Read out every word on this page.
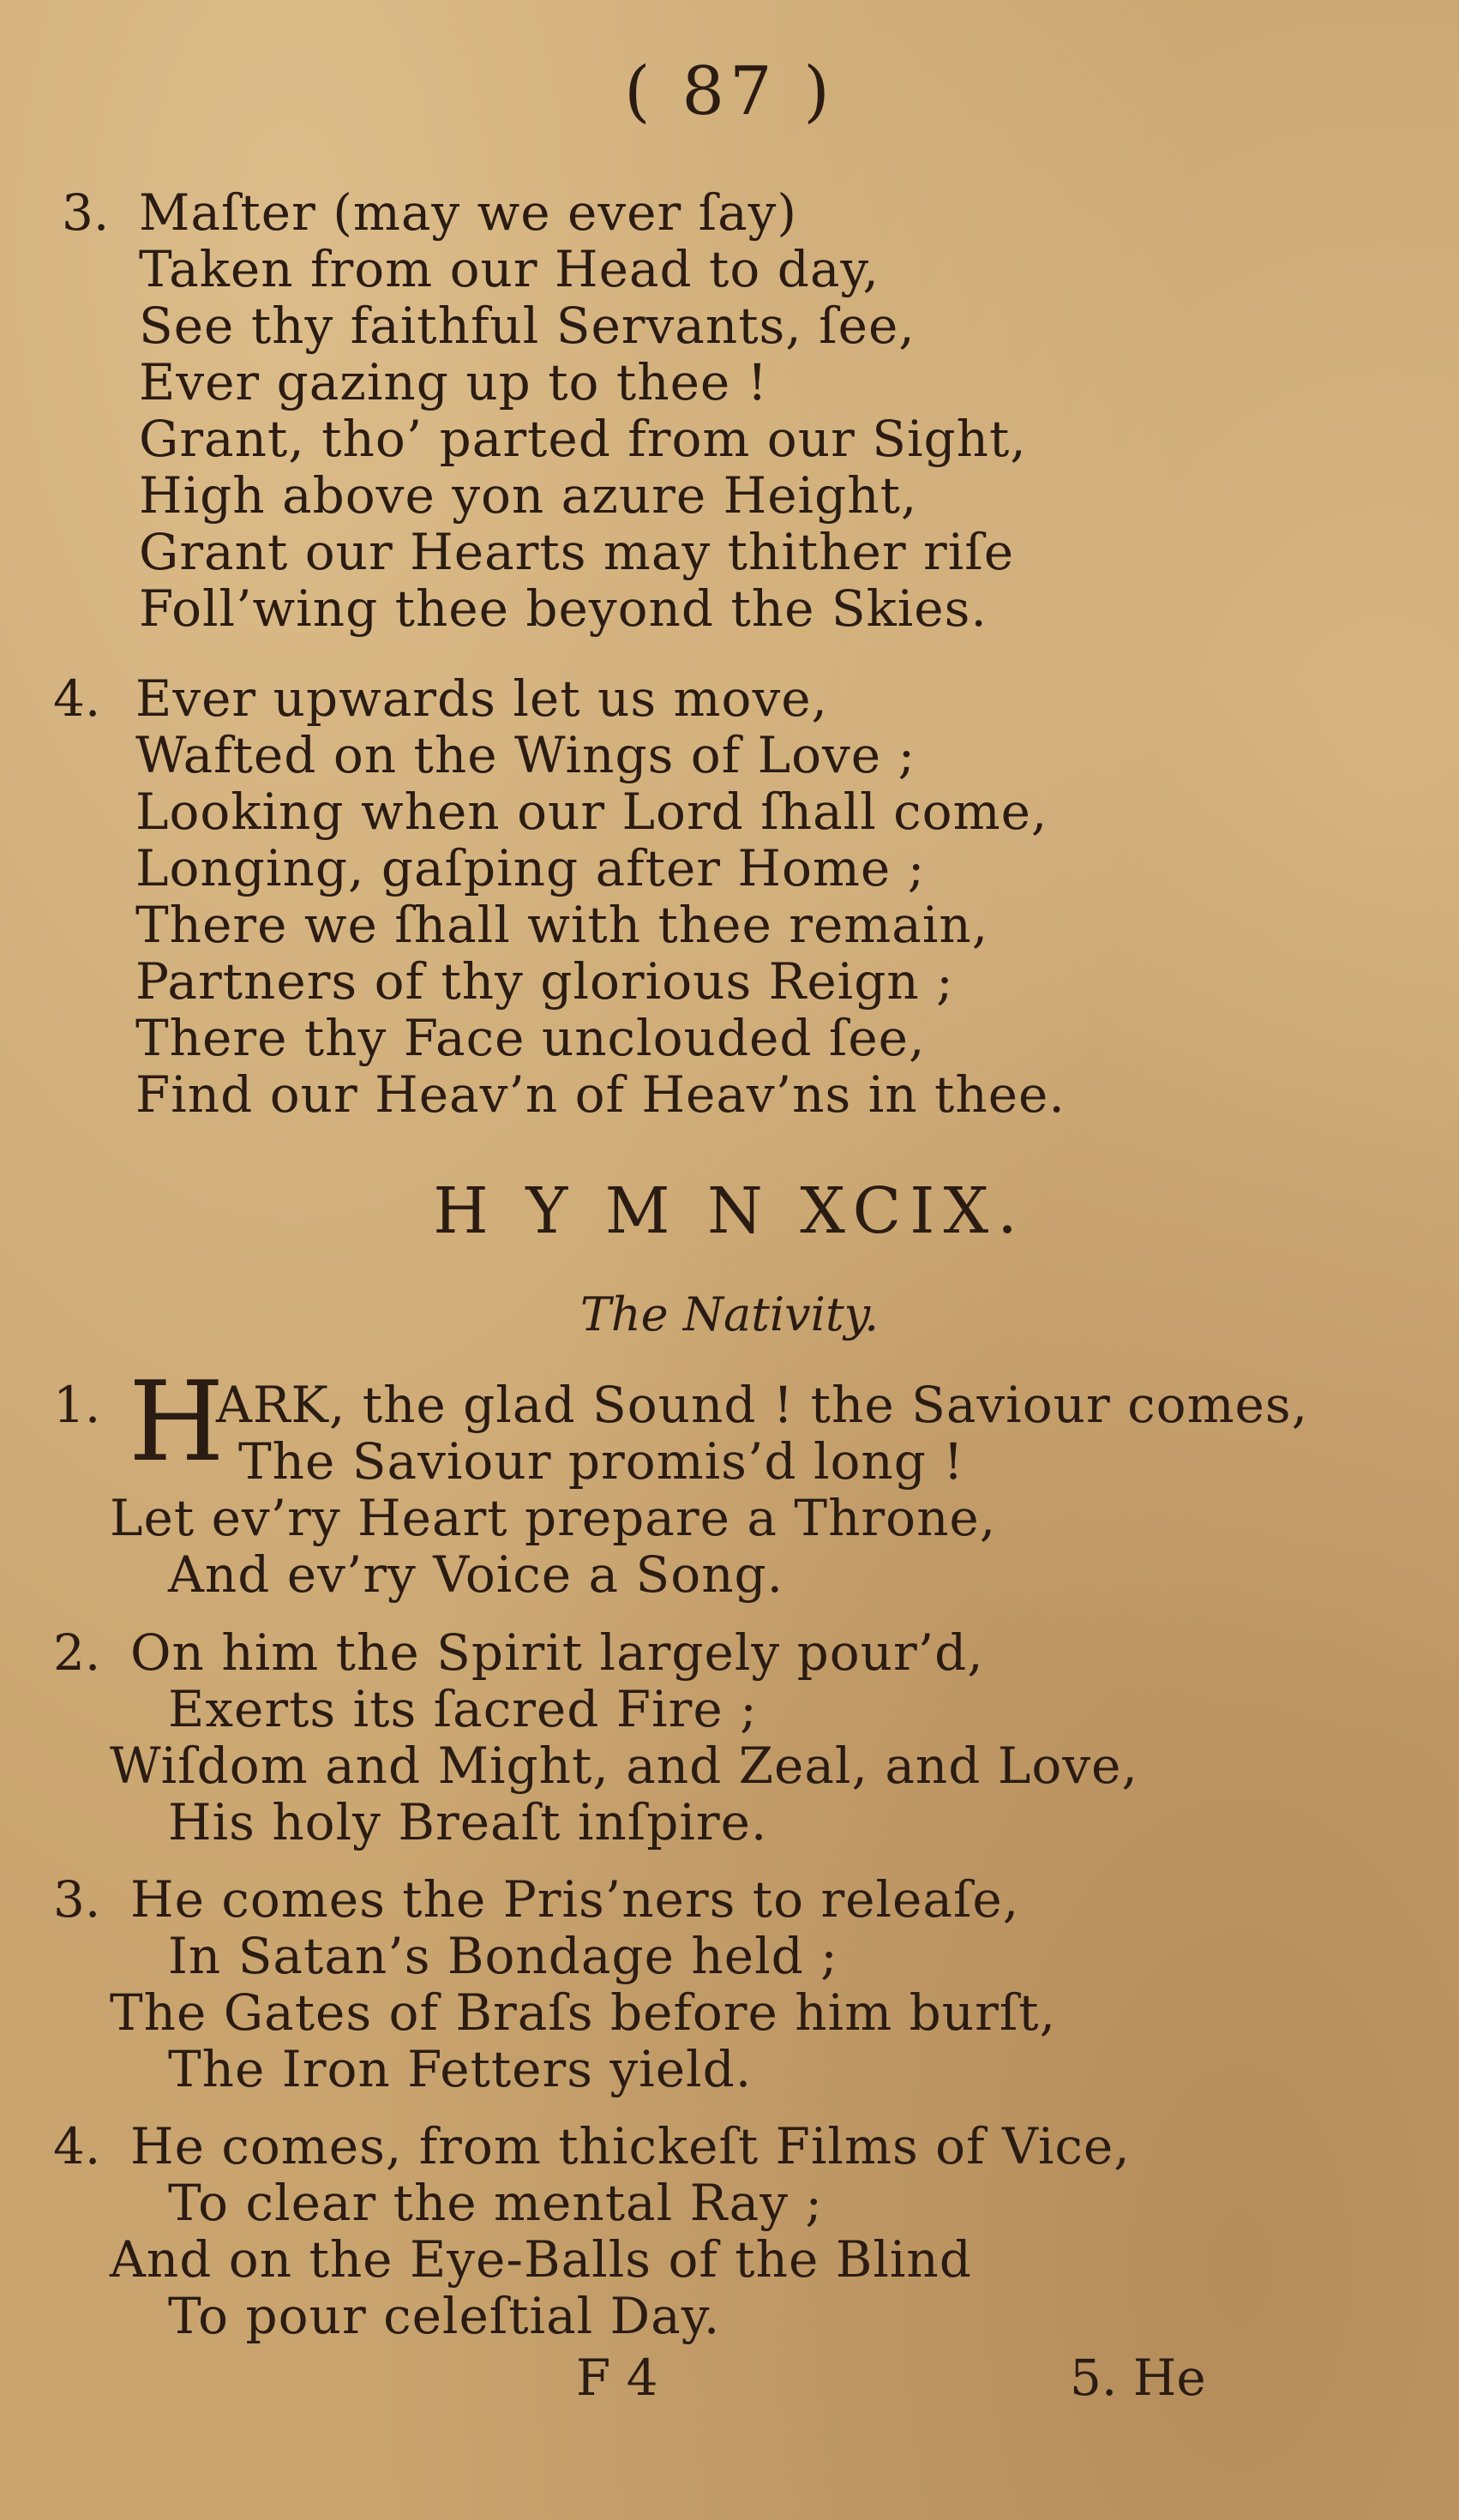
( 87 )
3. Maſter (may we ever ſay)
Taken from our Head to day,
See thy faithful Servants, ſee,
Ever gazing up to thee !
Grant, tho’ parted from our Sight,
High above yon azure Height,
Grant our Hearts may thither riſe
Foll’wing thee beyond the Skies.
4. Ever upwards let us move,
Wafted on the Wings of Love ;
Looking when our Lord ſhall come,
Longing, gaſping after Home ;
There we ſhall with thee remain,
Partners of thy glorious Reign ;
There thy Face unclouded ſee,
Find our Heav’n of Heav’ns in thee.
H Y M N XCIX.
The Nativity.
1. H
ARK, the glad Sound ! the Saviour comes,
The Saviour promis’d long !
Let ev’ry Heart prepare a Throne,
And ev’ry Voice a Song.
2. On him the Spirit largely pour’d,
Exerts its ſacred Fire ;
Wiſdom and Might, and Zeal, and Love,
His holy Breaſt inſpire.
3. He comes the Pris’ners to releaſe,
In Satan’s Bondage held ;
The Gates of Braſs before him burſt,
The Iron Fetters yield.
4. He comes, from thickeſt Films of Vice,
To clear the mental Ray ;
And on the Eye-Balls of the Blind
To pour celeſtial Day.
F 4	5. He
